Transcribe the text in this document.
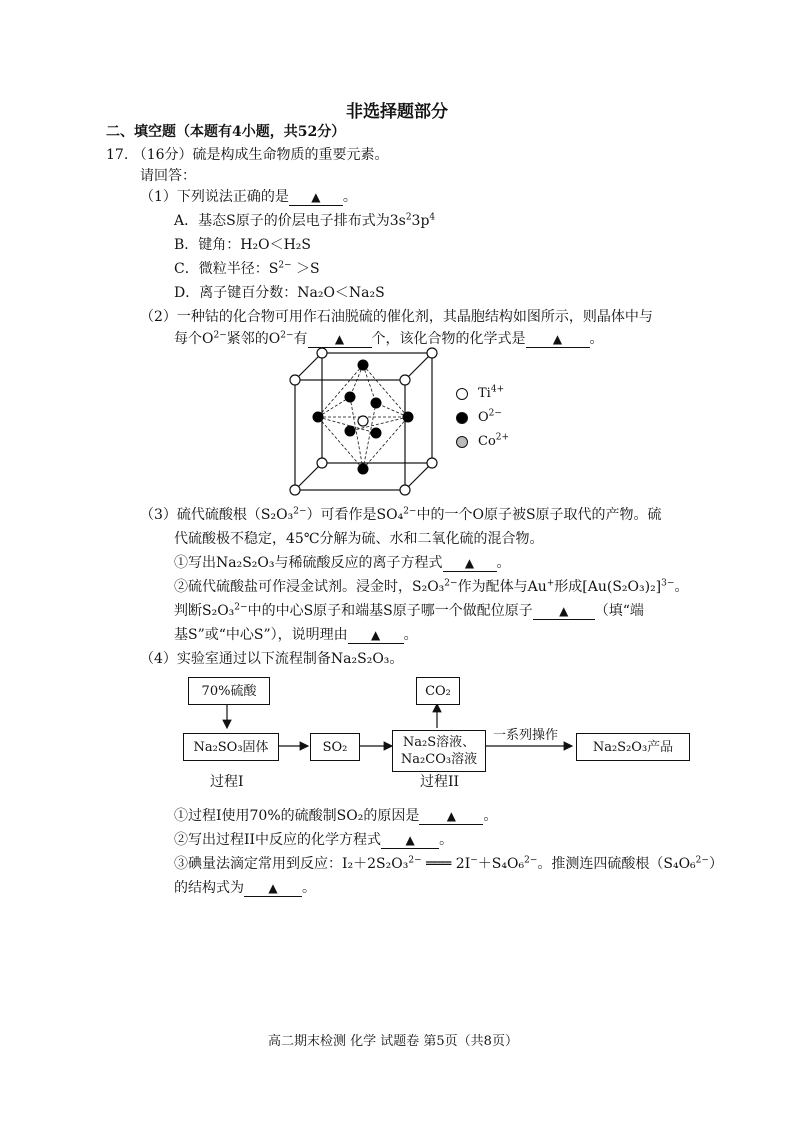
非选择题部分
二、填空题（本题有4小题，共52分）
17. （16分）硫是构成生命物质的重要元素。
请回答：
（1）下列说法正确的是 ▲ 。
A．基态S原子的价层电子排布式为$3s^23p^4$
B．键角：H₂O＜H₂S
C．微粒半径：$S^{2-} >S$
D．离子键百分数：Na₂O＜Na₂S
（2）一种钴的化合物可用作石油脱硫的催化剂，其晶胞结构如图所示，则晶体中与
每个$O^{2-}$紧邻的$O^{2-}$有 ▲ 个，该化合物的化学式是 ▲ 。
$Ti^{4+}$
$O^{2-}$
$Co^{2+}$
（3）硫代硫酸根（S₂O₃$^{2-}$）可看作是SO₄$^{2-}$中的一个O原子被S原子取代的产物。硫
代硫酸极不稳定，45℃分解为硫、水和二氧化硫的混合物。
①写出Na₂S₂O₃与稀硫酸反应的离子方程式 ▲ 。
②硫代硫酸盐可作浸金试剂。浸金时，S₂O₃$^{2-}$作为配体与Au+形成$[Au(S_2O_3)_2]^{3-}$。
判断S₂O₃$^{2-}$中的中心S原子和端基S原子哪一个做配位原子 ▲ （填“端
基S”或“中心S”），说明理由 ▲ 。
（4）实验室通过以下流程制备Na₂S₂O₃。
70%硫酸
Na₂SO₃固体	SO₂
CO₂
Na₂S溶液、
Na₂CO₃溶液
一系列操作
Na₂S₂O₃产品
过程I	过程II
①过程I使用70%的硫酸制SO₂的原因是 ▲ 。
②写出过程II中反应的化学方程式 ▲ 。
③碘量法滴定常用到反应：I₂＋2S₂O₃$^{2-}$ ═══ 2I−＋S₄O₆$^{2-}$。推测连四硫酸根（S₄O₆$^{2-}$）
的结构式为 ▲ 。
高二期末检测 化学 试题卷 第5页（共8页）
